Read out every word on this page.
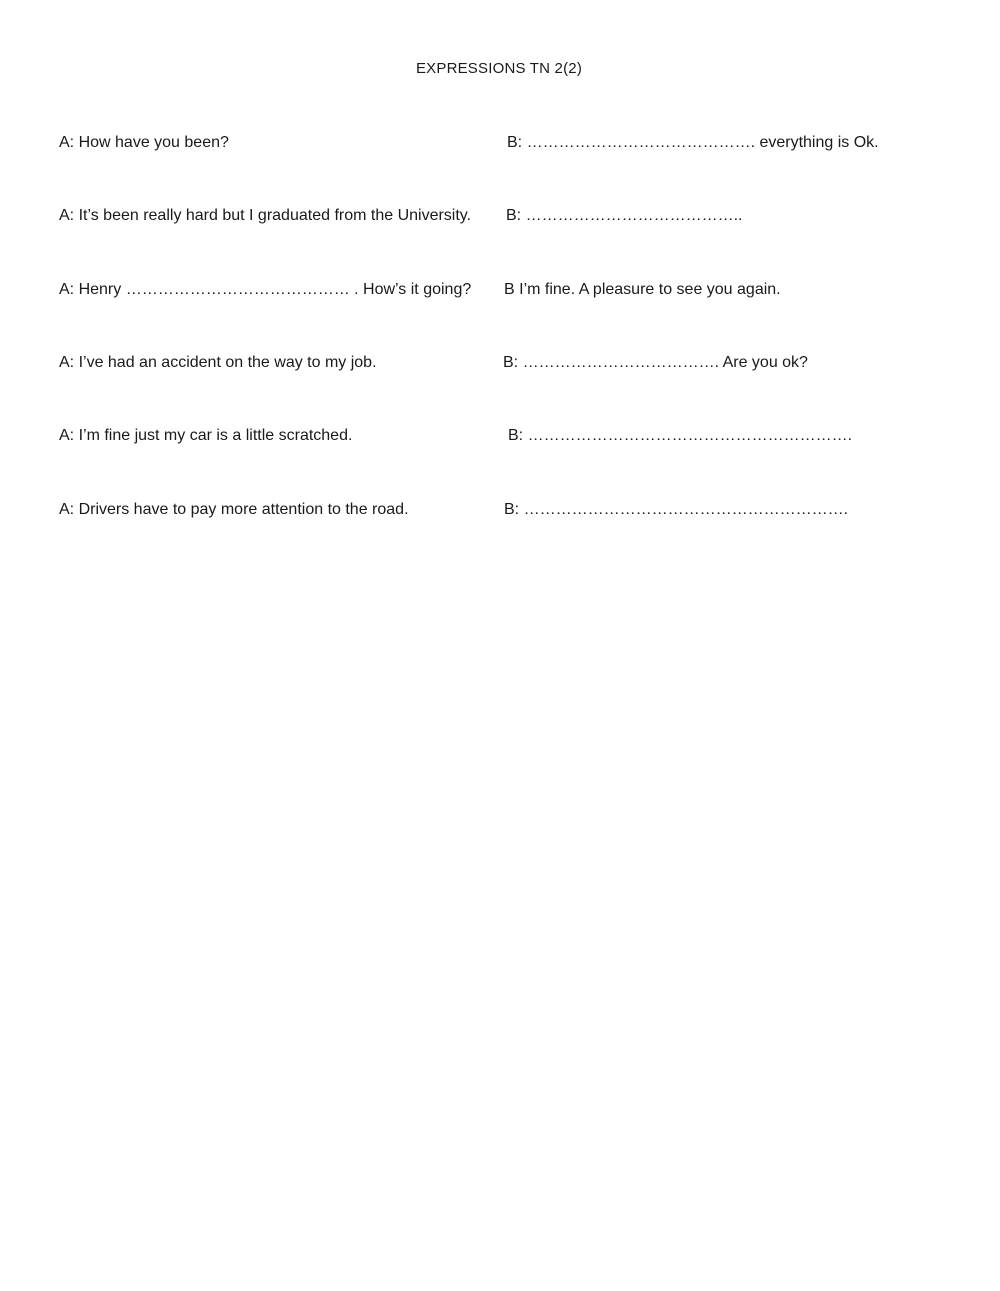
EXPRESSIONS TN 2(2)
A: How have you been?	B: ……………………………………. everything is Ok.
A: It’s been really hard but I graduated from the University. B: …………………………………..
A: Henry …………………………………… . How’s it going? B I’m fine. A pleasure to see you again.
A: I’ve had an accident on the way to my job.	B: ………………………………. Are you ok?
A: I’m fine just my car is a little scratched.	B: …………………………………………………….
A: Drivers have to pay more attention to the road.	B: …………………………………………………….
